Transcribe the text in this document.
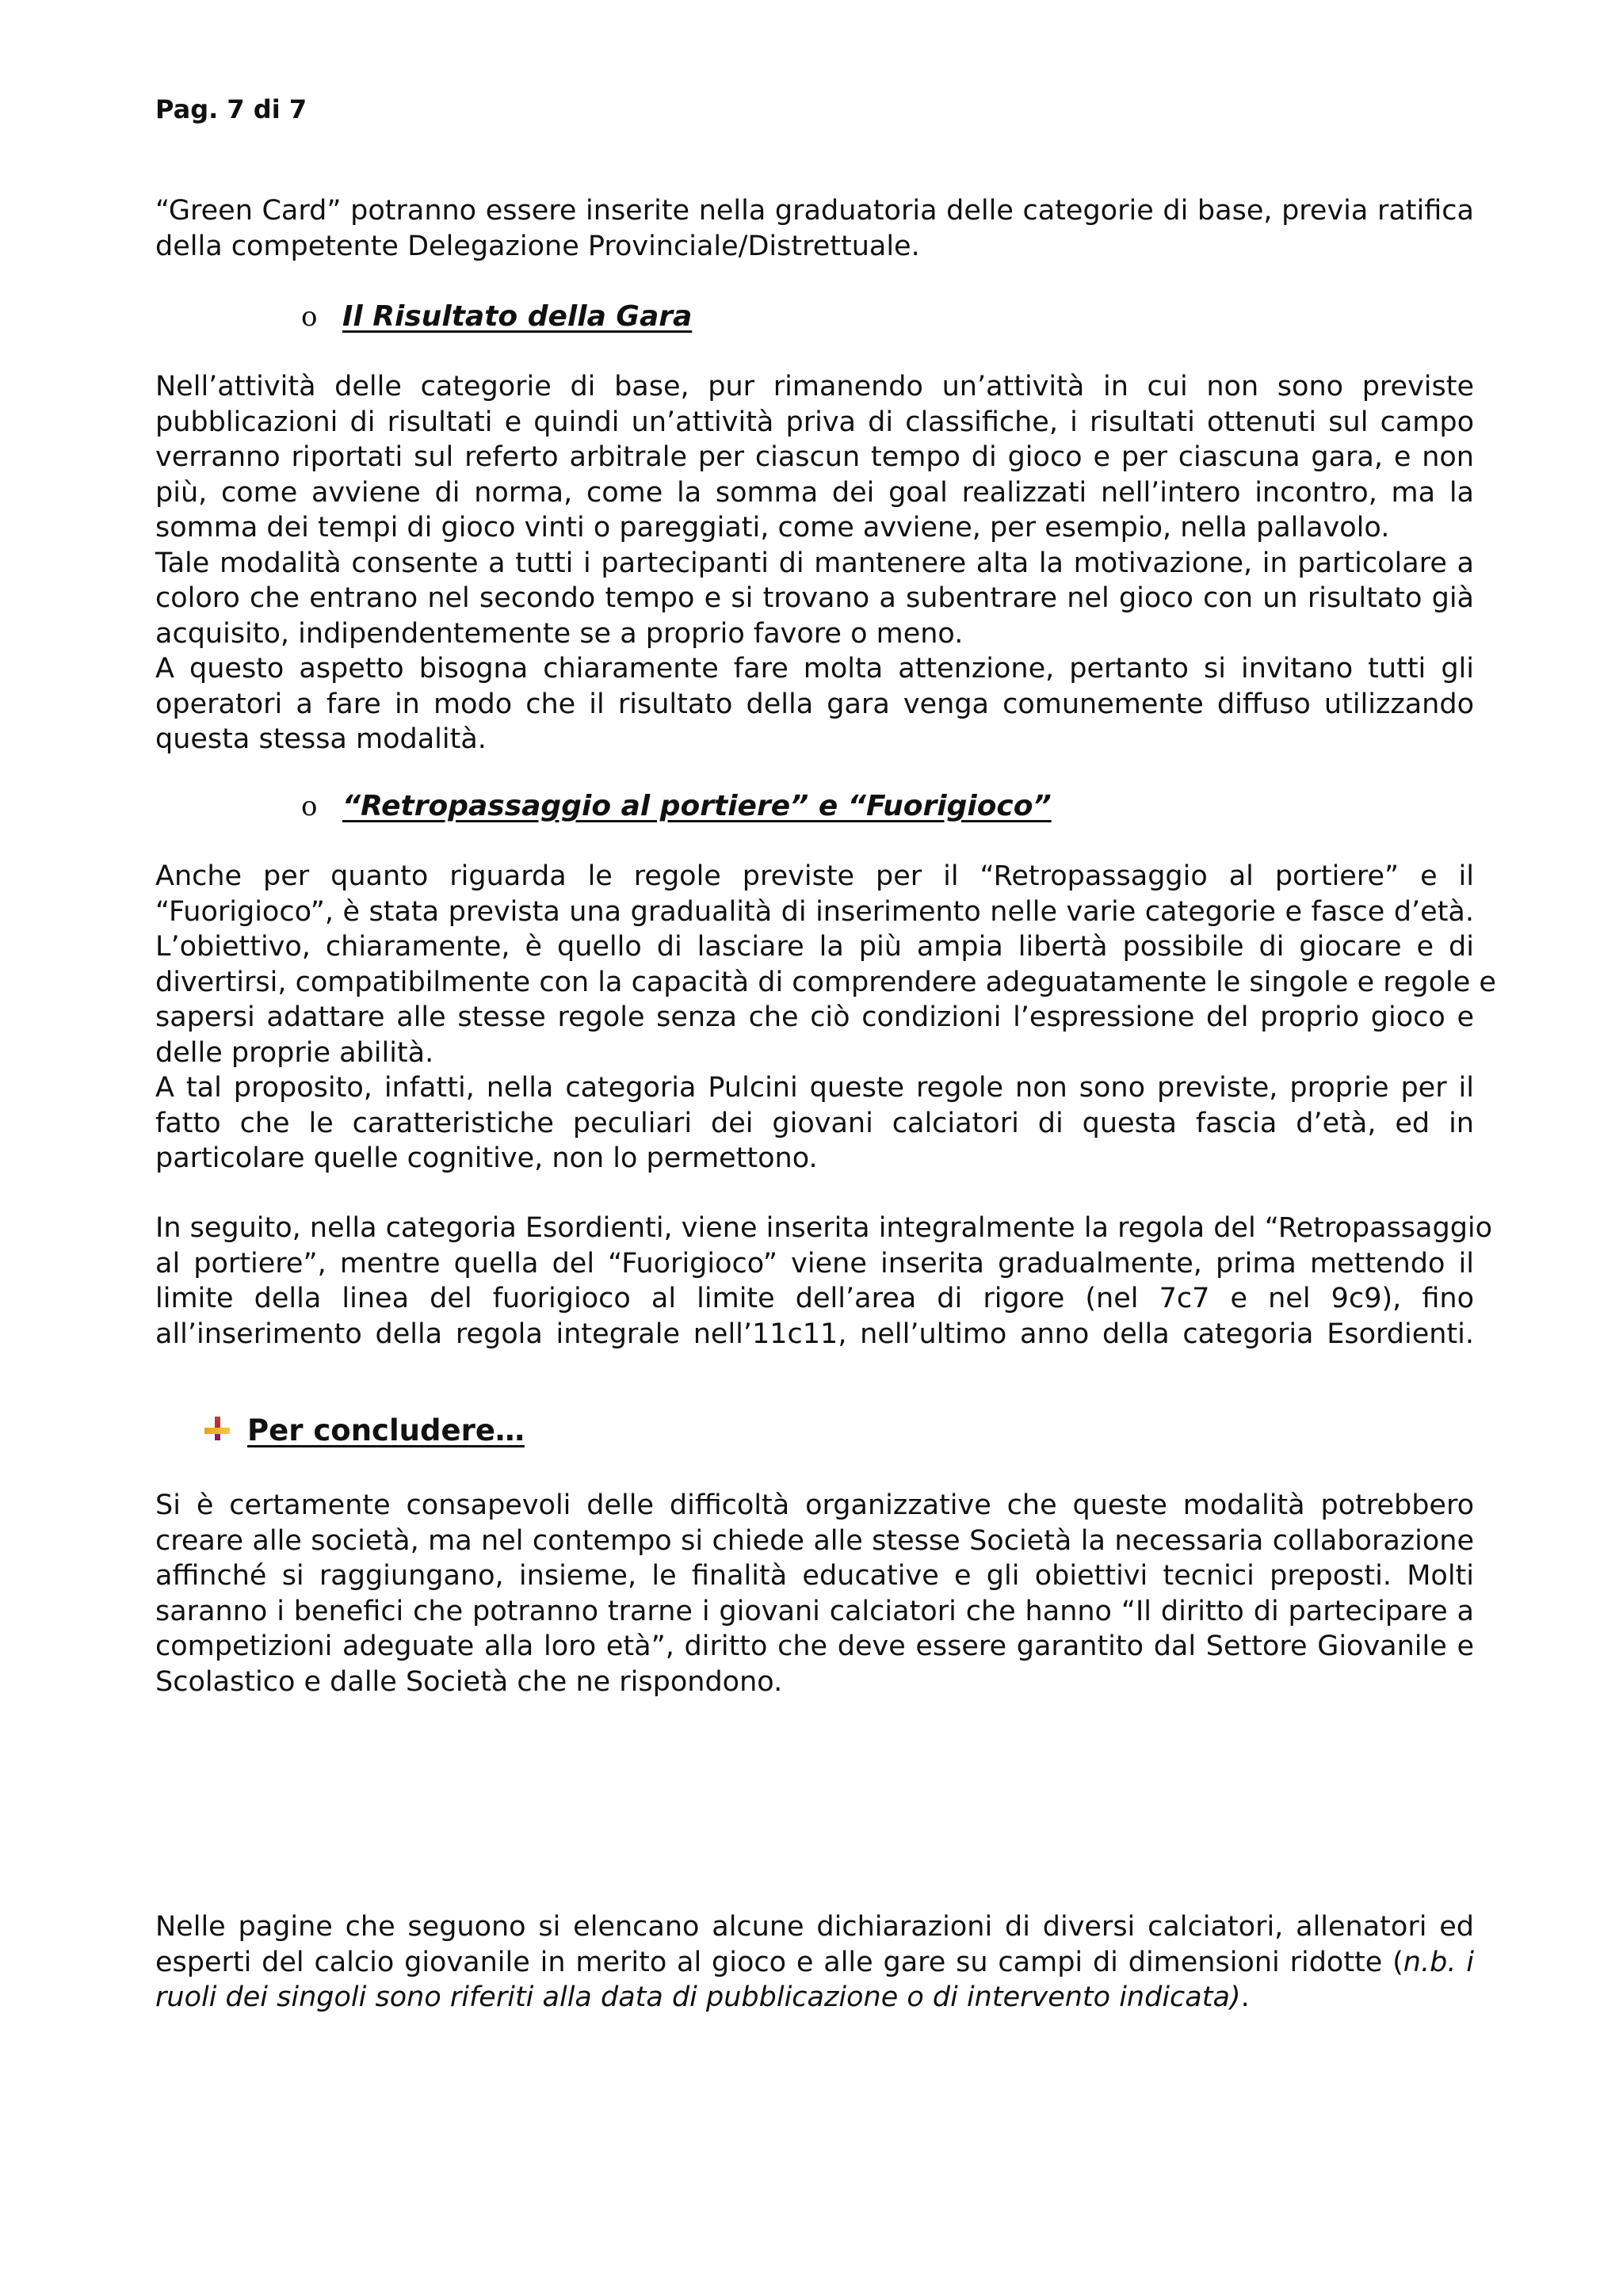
Pag. 7 di 7
“Green Card” potranno essere inserite nella graduatoria delle categorie di base, previa ratifica
della competente Delegazione Provinciale/Distrettuale.
o Il Risultato della Gara
Nell’attività delle categorie di base, pur rimanendo un’attività in cui non sono previste
pubblicazioni di risultati e quindi un’attività priva di classifiche, i risultati ottenuti sul campo
verranno riportati sul referto arbitrale per ciascun tempo di gioco e per ciascuna gara, e non
più, come avviene di norma, come la somma dei goal realizzati nell’intero incontro, ma la
somma dei tempi di gioco vinti o pareggiati, come avviene, per esempio, nella pallavolo.
Tale modalità consente a tutti i partecipanti di mantenere alta la motivazione, in particolare a
coloro che entrano nel secondo tempo e si trovano a subentrare nel gioco con un risultato già
acquisito, indipendentemente se a proprio favore o meno.
A questo aspetto bisogna chiaramente fare molta attenzione, pertanto si invitano tutti gli
operatori a fare in modo che il risultato della gara venga comunemente diffuso utilizzando
questa stessa modalità.
o “Retropassaggio al portiere” e “Fuorigioco”
Anche per quanto riguarda le regole previste per il “Retropassaggio al portiere” e il
“Fuorigioco”, è stata prevista una gradualità di inserimento nelle varie categorie e fasce d’età.
L’obiettivo, chiaramente, è quello di lasciare la più ampia libertà possibile di giocare e di
divertirsi, compatibilmente con la capacità di comprendere adeguatamente le singole e regole e
sapersi adattare alle stesse regole senza che ciò condizioni l’espressione del proprio gioco e
delle proprie abilità.
A tal proposito, infatti, nella categoria Pulcini queste regole non sono previste, proprie per il
fatto che le caratteristiche peculiari dei giovani calciatori di questa fascia d’età, ed in
particolare quelle cognitive, non lo permettono.
In seguito, nella categoria Esordienti, viene inserita integralmente la regola del “Retropassaggio
al portiere”, mentre quella del “Fuorigioco” viene inserita gradualmente, prima mettendo il
limite della linea del fuorigioco al limite dell’area di rigore (nel 7c7 e nel 9c9), fino
all’inserimento della regola integrale nell’11c11, nell’ultimo anno della categoria Esordienti.
Per concludere…
Si è certamente consapevoli delle difficoltà organizzative che queste modalità potrebbero
creare alle società, ma nel contempo si chiede alle stesse Società la necessaria collaborazione
affinché si raggiungano, insieme, le finalità educative e gli obiettivi tecnici preposti. Molti
saranno i benefici che potranno trarne i giovani calciatori che hanno “Il diritto di partecipare a
competizioni adeguate alla loro età”, diritto che deve essere garantito dal Settore Giovanile e
Scolastico e dalle Società che ne rispondono.
Nelle pagine che seguono si elencano alcune dichiarazioni di diversi calciatori, allenatori ed
esperti del calcio giovanile in merito al gioco e alle gare su campi di dimensioni ridotte (n.b. i
ruoli dei singoli sono riferiti alla data di pubblicazione o di intervento indicata).
